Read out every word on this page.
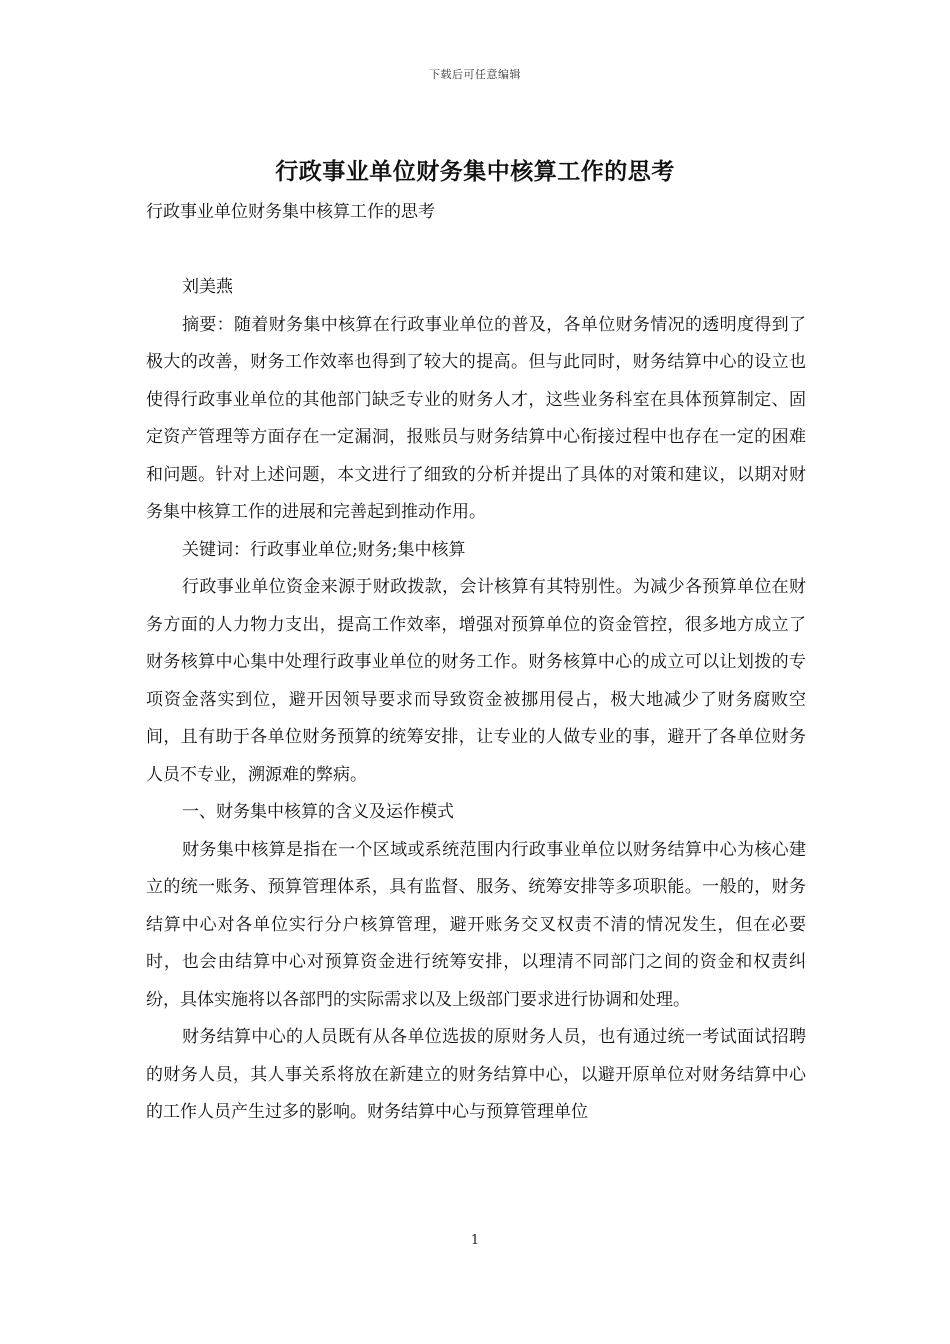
下载后可任意编辑
行政事业单位财务集中核算工作的思考

行政事业单位财务集中核算工作的思考

刘美燕

摘要：随着财务集中核算在行政事业单位的普及，各单位财务情况的透明度得到了极大的改善，财务工作效率也得到了较大的提高。但与此同时，财务结算中心的设立也使得行政事业单位的其他部门缺乏专业的财务人才，这些业务科室在具体预算制定、固定资产管理等方面存在一定漏洞，报账员与财务结算中心衔接过程中也存在一定的困难和问题。针对上述问题，本文进行了细致的分析并提出了具体的对策和建议，以期对财务集中核算工作的进展和完善起到推动作用。

关键词：行政事业单位;财务;集中核算

行政事业单位资金来源于财政拨款，会计核算有其特别性。为减少各预算单位在财务方面的人力物力支出，提高工作效率，增强对预算单位的资金管控，很多地方成立了财务核算中心集中处理行政事业单位的财务工作。财务核算中心的成立可以让划拨的专项资金落实到位，避开因领导要求而导致资金被挪用侵占，极大地减少了财务腐败空间，且有助于各单位财务预算的统筹安排，让专业的人做专业的事，避开了各单位财务人员不专业，溯源难的弊病。

一、财务集中核算的含义及运作模式

财务集中核算是指在一个区域或系统范围内行政事业单位以财务结算中心为核心建立的统一账务、预算管理体系，具有监督、服务、统筹安排等多项职能。一般的，财务结算中心对各单位实行分户核算管理，避开账务交叉权责不清的情况发生，但在必要时，也会由结算中心对预算资金进行统筹安排，以理清不同部门之间的资金和权责纠纷，具体实施将以各部門的实际需求以及上级部门要求进行协调和处理。

财务结算中心的人员既有从各单位选拔的原财务人员，也有通过统一考试面试招聘的财务人员，其人事关系将放在新建立的财务结算中心，以避开原单位对财务结算中心的工作人员产生过多的影响。财务结算中心与预算管理单位

1
